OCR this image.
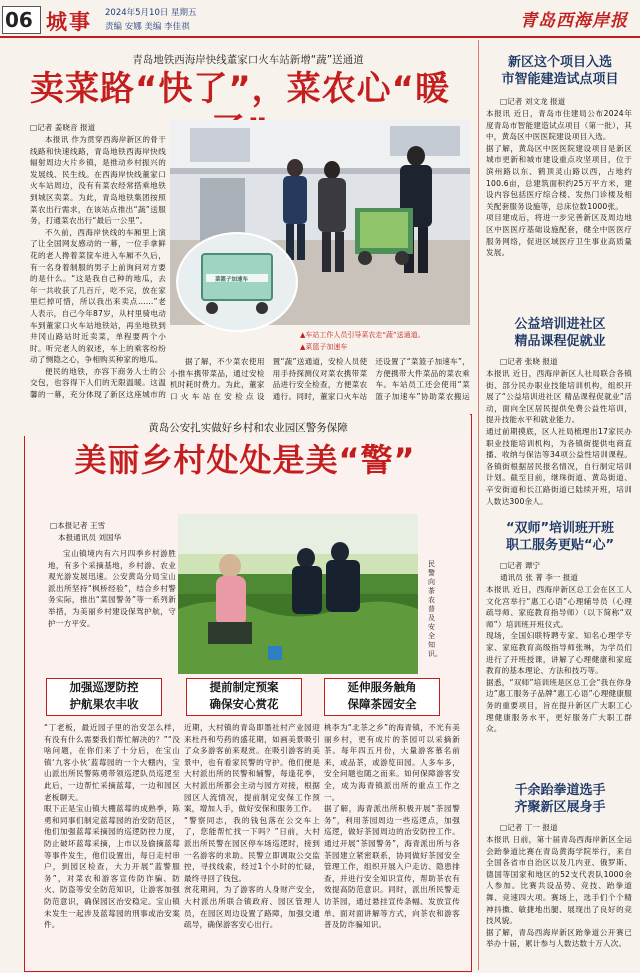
06 城事 2024年5月10日 星期五
责编 安娜 美编 李佳祺	青岛西海岸报
青岛地铁西海岸快线董家口火车站新增“蔬”送通道
卖菜路“快了”，菜农心“暖
□记者 姜晓音 报道

本报讯 作为贯穿西海岸新区的骨干线路和快速线路，青岛地铁西海岸快线辐射周边大片乡镇，是推动乡村振兴的发展线、民生线。在西海岸快线董家口火车站周边，没有有菜农经常搭乘地铁到城区卖菜。为此，青岛地铁集团按照菜农出行需求，在该站点推出“蔬”送服务，打通菜农出行“最后一公里”。

不久前，西海岸快线的车厢里上演了让全国网友感动的一幕，一位手拿鲜花的老人搀着菜筐车进入车厢不久后，有一名身着制服的男子上前询问对方要的是什么。“这是我自己种的地瓜，去年一共收获了几百斤，吃不完，放在家里烂掉可惜，所以我出来卖点……”老人表示，自己今年87岁，从村里骑电动车到董家口火车站地铁站，再坐地铁到井冈山路站时近卖菜，单程要两个小时。听完老人的叙述，车上的乘客纷纷动了恻隐之心，争相购买种家的地瓜。

便民的地铁，亦容下商务人士的公交包，也容得下人们的无限温暖。这温馨的一幕，充分体现了新区这座城市的

菜篮子加速车
▲车站工作人员引导菜农走“蔬”送通道。
▲菜篮子加速车
据了解，不少菜农使用小推车携带菜品，通过安检机时耗时费力。为此，董家口火车站在安检点设置“蔬”送通道，安检人员使用手持探测仪对菜农携带菜品进行安全检查，方便菜农通行。同时，董家口火车站还设置了“菜篮子加速车”，方便携带大件菜品的菜农乘车。车站员工还会使用“菜篮子加速车”协助菜农搬运
黄岛公安扎实做好乡村和农业园区警务保障
美丽乡村处处是美“警”
□本报记者 王雪
本报通讯员 刘国华
宝山镇境内有六月四季乡村游胜地，有多个采摘基地，乡村游、农业观光游发展迅速。公安黄岛分局宝山派出所坚持“枫桥经验”，结合乡村警务实际，推出“菜园警务”等一系列新举措，为美丽乡村建设保驾护航，守护一方平安。
民警向茶农普及安全知识。
加强巡逻防控
护航果农丰收
提前制定预案
确保安心赏花
延伸服务触角
保障茶园安全
“丁老板，最近园子里的治安怎么样，有没有什么需要我们帮忙解决的？”“没啥问题，在你们来了十分后，在宝山镇‘九客小伙’蓝莓园的一个大棚内，宝山派出所民警陈勇带领巡逻队员巡逻至此后，一边帮忙采摘蓝莓，一边和园区老板聊天。
眼下正是宝山镇大棚蓝莓的成熟季，陈勇和同事们制定蓝莓园的治安防范区，他们加强蓝莓采摘园的巡逻防控力度，防止破坏蓝莓采摘，上市以及偷摘蓝莓等事件发生，他们设置出，每日走村串户，到园区检查，大力开展“蓝警服务”，对菜农和游客宣传防诈骗、防火、防盗等安全防范知识，让游客加强防范意识，确保园区治安稳定。宝山镇未发生一起涉及蓝莓园的刑事或治安案件。
近期，大村镇的青岛即墨社村产业园迎来杜丹和芍药的盛花期，如画美景吸引了众多游客前来观赏。在吸引游客的美景中，也有看家民警的守护。他们便是大村派出所的民警和辅警，每逢花季，大村派出所都会主动与园方对接，根据园区人流情况，提前制定安保工作预案，增加人手，做好安保和服务工作。
“警察同志，我的钱包落在公交车上了，您能帮忙找一下吗？”日前，大村派出所民警在园区停车场巡逻时，接到一名游客的求助。民警立即调取公交监控，寻找线索，经过1个小时的忙碌，最终寻回了钱包。
赏花期间，为了游客的人身财产安全，大村派出所联合镇政府、园区管理人员，在园区周边设置了路障，加强交通疏导，确保游客安心出行。
桃李为“北茶之乡”的海青镇，不光有美丽乡村，更有成片的茶园可以采摘新茶。每年四五月份，大量游客慕名前来，或品茶，或游览田园。人多车多，安全问题也随之而来。如何保障游客安全，成为海青镇派出所的重点工作之一。
据了解，海青派出所积极开展“茶园警务”，利用茶园周边一些巡逻点，加强巡逻，做好茶园周边的治安防控工作。通过开展“茶园警务”，海青派出所与各茶园建立紧密联系，协同做好茶园安全管理工作，组织开展入户走访、隐患排查，并进行安全知识宣传，帮助茶农有效提高防范意识。同时，派出所民警走访茶园，通过悬挂宣传条幅、发放宣传单、面对面讲解等方式，向茶农和游客普及防诈骗知识。
新区这个项目入选
市智能建造试点项目
□记者 刘文龙 报道
本报讯 近日，青岛市住建局公布2024年度青岛市智能建造试点项目（第一批），其中，黄岛区中医医院建设项目入选。
据了解，黄岛区中医医院建设项目是新区城市更新和城市建设重点攻坚项目，位于滨州路以东、鹤顶灵山路以西，占地约100.6亩，总建筑面积约25万平方米，建设内容包括医疗综合楼、发热门诊楼及相关配套服务设施等，总床位数1000张。
项目建成后，将进一步完善新区及周边地区中医医疗基础设施配套，健全中医医疗服务网络，促进区域医疗卫生事业高质量发展。
公益培训进社区
精品课程促就业
□记者 张晓 报道
本报讯 近日，西海岸新区人社局联合各镇街、部分民办职业技能培训机构，组织开展了“公益培训进社区 精品课程促就业”活动，面向全区居民提供免费公益性培训，提升技能水平和就业能力。
通过前期摸底，区人社局梳理出17家民办职业技能培训机构，为各镇街提供电商直播、收纳与保洁等34项公益性培训课程。各镇街根据居民报名情况，自行制定培训计划。截至目前，继珠街道、黄岛街道、辛安街道和长江路街道已陆续开班，培训人数达300余人。
“双师”培训班开班
职工服务更贴“心”
□记者 谭宁
通讯员 张 菁 李一 报道
本报讯 近日，西海岸新区总工会在区工人文化宫举行“惠工心语”心理辅导员（心理疏导师、家庭教育指导师）（以下简称“双师”）培训班开班仪式。
现场，全国妇联特聘专家、知名心理学专家、家庭教育高级指导师张琳，为学员们进行了开班授课，讲解了心理健康和家庭教育的基本理论、方法和技巧等。
据悉，“双师”培训班是区总工会“我在你身边”惠工服务子品牌“惠工心语”心理健康服务的重要项目，旨在提升新区广大职工心理健康服务水平，更好服务广大职工群众。
千余跆拳道选手
齐聚新区展身手
□记者 丁一 报道
本报讯 日前，第十届青岛西海岸新区全运会跆拳道比赛在青岛黄海学院举行，来自全国各省市自治区以及几内亚、俄罗斯、德国等国家和地区的52支代表队1000余人参加。比赛共设品势、竞技、跆拳道舞、竞速四大项。赛场上，选手们个个精神抖擞、敏捷地出腿、展现出了良好的竞技风貌。
据了解，青岛西海岸新区跆拳道公开赛已举办十届，累计参与人数达数十万人次。
